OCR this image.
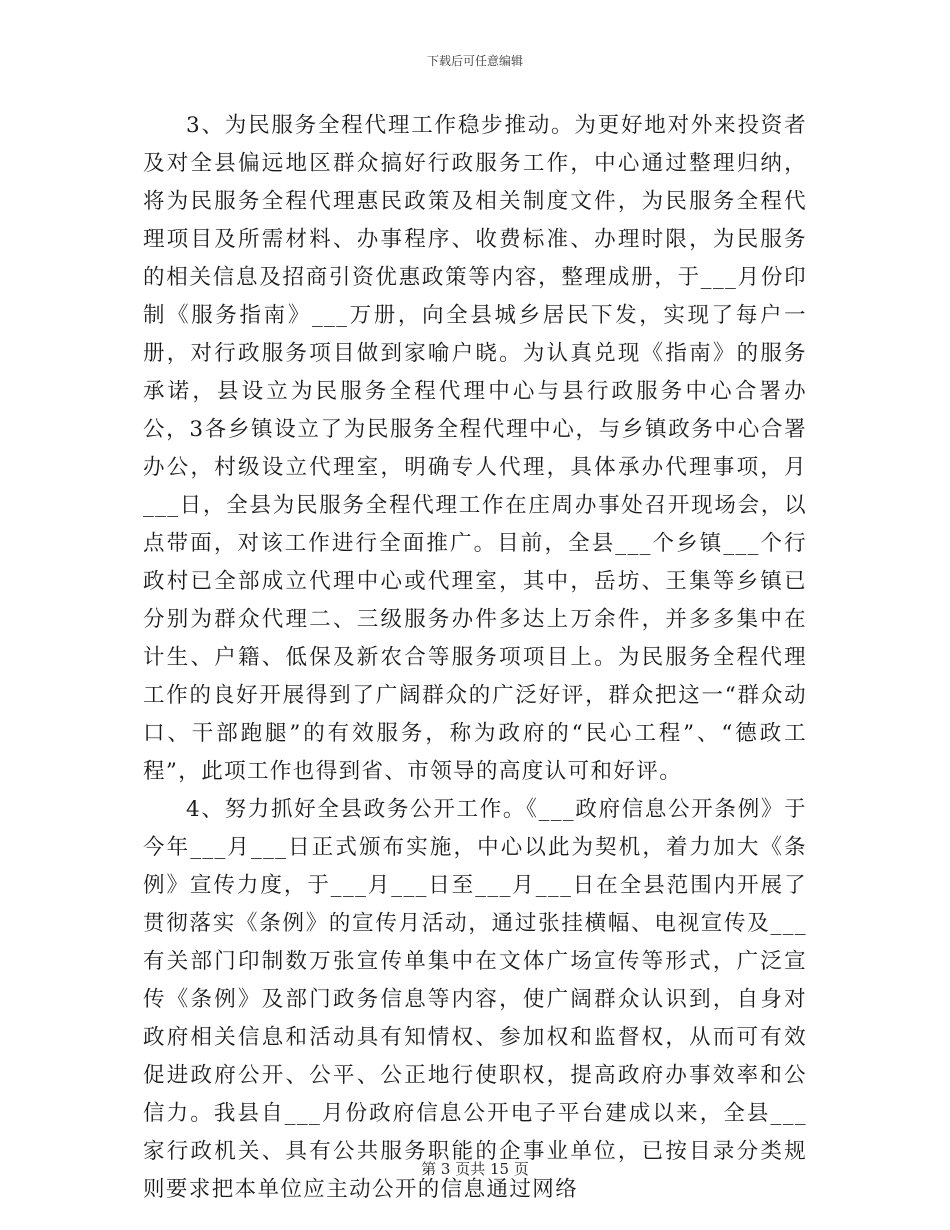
下载后可任意编辑

3、为民服务全程代理工作稳步推动。为更好地对外来投资者及对全县偏远地区群众搞好行政服务工作，中心通过整理归纳，将为民服务全程代理惠民政策及相关制度文件，为民服务全程代理项目及所需材料、办事程序、收费标准、办理时限，为民服务的相关信息及招商引资优惠政策等内容，整理成册，于___月份印制《服务指南》___万册，向全县城乡居民下发，实现了每户一册，对行政服务项目做到家喻户晓。为认真兑现《指南》的服务承诺，县设立为民服务全程代理中心与县行政服务中心合署办公，3各乡镇设立了为民服务全程代理中心，与乡镇政务中心合署办公，村级设立代理室，明确专人代理，具体承办代理事项，月___日，全县为民服务全程代理工作在庄周办事处召开现场会，以点带面，对该工作进行全面推广。目前，全县___个乡镇___个行政村已全部成立代理中心或代理室，其中，岳坊、王集等乡镇已分别为群众代理二、三级服务办件多达上万余件，并多多集中在计生、户籍、低保及新农合等服务项项目上。为民服务全程代理工作的良好开展得到了广阔群众的广泛好评，群众把这一“群众动口、干部跑腿”的有效服务，称为政府的“民心工程”、“德政工程”，此项工作也得到省、市领导的高度认可和好评。

4、努力抓好全县政务公开工作。《___政府信息公开条例》于今年___月___日正式颁布实施，中心以此为契机，着力加大《条例》宣传力度，于___月___日至___月___日在全县范围内开展了贯彻落实《条例》的宣传月活动，通过张挂横幅、电视宣传及___有关部门印制数万张宣传单集中在文体广场宣传等形式，广泛宣传《条例》及部门政务信息等内容，使广阔群众认识到，自身对政府相关信息和活动具有知情权、参加权和监督权，从而可有效促进政府公开、公平、公正地行使职权，提高政府办事效率和公信力。我县自___月份政府信息公开电子平台建成以来，全县___家行政机关、具有公共服务职能的企事业单位，已按目录分类规则要求把本单位应主动公开的信息通过网络

第 3 页共 15 页
